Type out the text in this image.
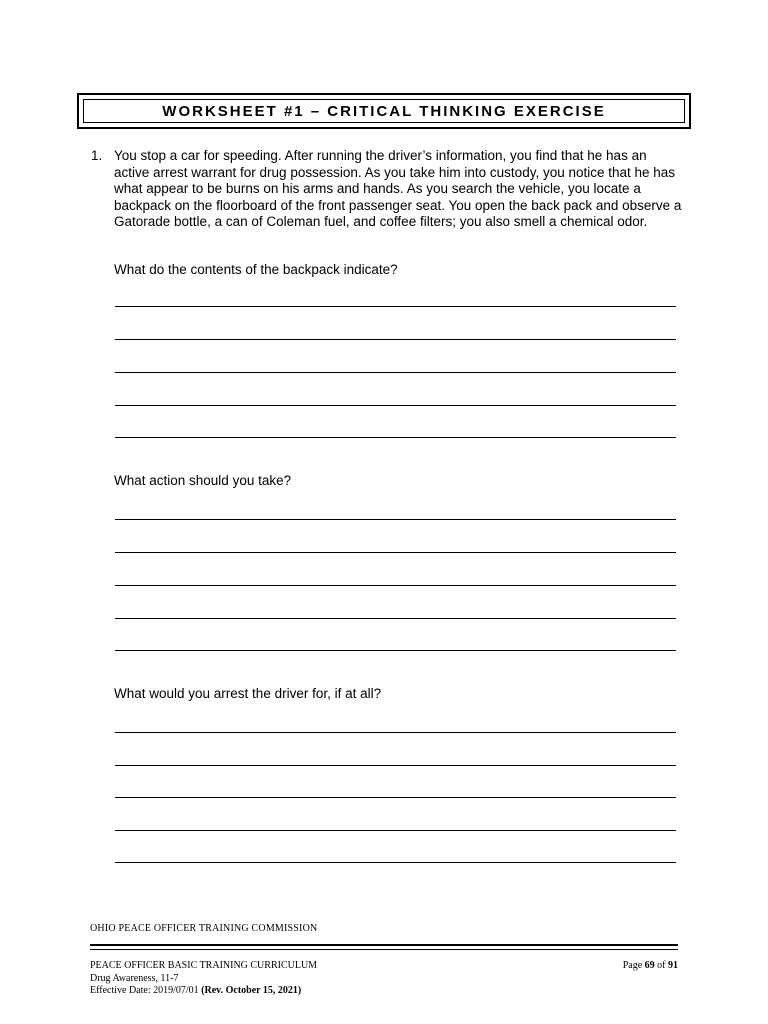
WORKSHEET #1 – CRITICAL THINKING EXERCISE
1. You stop a car for speeding. After running the driver’s information, you find that he has an active arrest warrant for drug possession. As you take him into custody, you notice that he has what appear to be burns on his arms and hands. As you search the vehicle, you locate a backpack on the floorboard of the front passenger seat. You open the back pack and observe a Gatorade bottle, a can of Coleman fuel, and coffee filters; you also smell a chemical odor.
What do the contents of the backpack indicate?
What action should you take?
What would you arrest the driver for, if at all?
OHIO PEACE OFFICER TRAINING COMMISSION
PEACE OFFICER BASIC TRAINING CURRICULUM
Drug Awareness, 11-7
Effective Date: 2019/07/01 (Rev. October 15, 2021)
Page 69 of 91
